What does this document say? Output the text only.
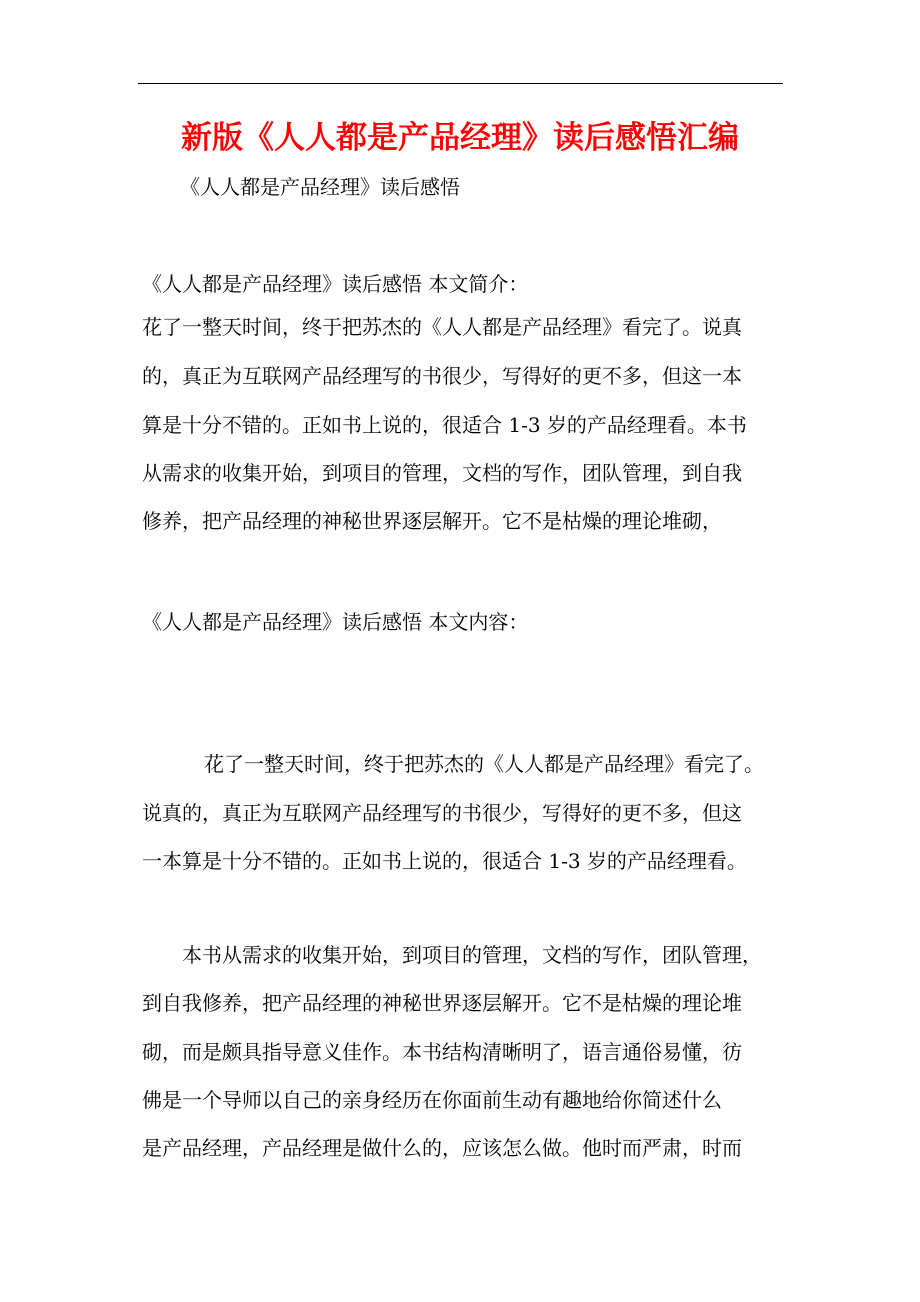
新版《人人都是产品经理》读后感悟汇编
《人人都是产品经理》读后感悟
《人人都是产品经理》读后感悟 本文简介：
花了一整天时间，终于把苏杰的《人人都是产品经理》看完了。说真
的，真正为互联网产品经理写的书很少，写得好的更不多，但这一本
算是十分不错的。正如书上说的，很适合 1-3 岁的产品经理看。本书
从需求的收集开始，到项目的管理，文档的写作，团队管理，到自我
修养，把产品经理的神秘世界逐层解开。它不是枯燥的理论堆砌，
《人人都是产品经理》读后感悟 本文内容：
花了一整天时间，终于把苏杰的《人人都是产品经理》看完了。
说真的，真正为互联网产品经理写的书很少，写得好的更不多，但这
一本算是十分不错的。正如书上说的，很适合 1-3 岁的产品经理看。
本书从需求的收集开始，到项目的管理，文档的写作，团队管理，
到自我修养，把产品经理的神秘世界逐层解开。它不是枯燥的理论堆
砌，而是颇具指导意义佳作。本书结构清晰明了，语言通俗易懂，彷
佛是一个导师以自己的亲身经历在你面前生动有趣地给你简述什么
是产品经理，产品经理是做什么的，应该怎么做。他时而严肃，时而
